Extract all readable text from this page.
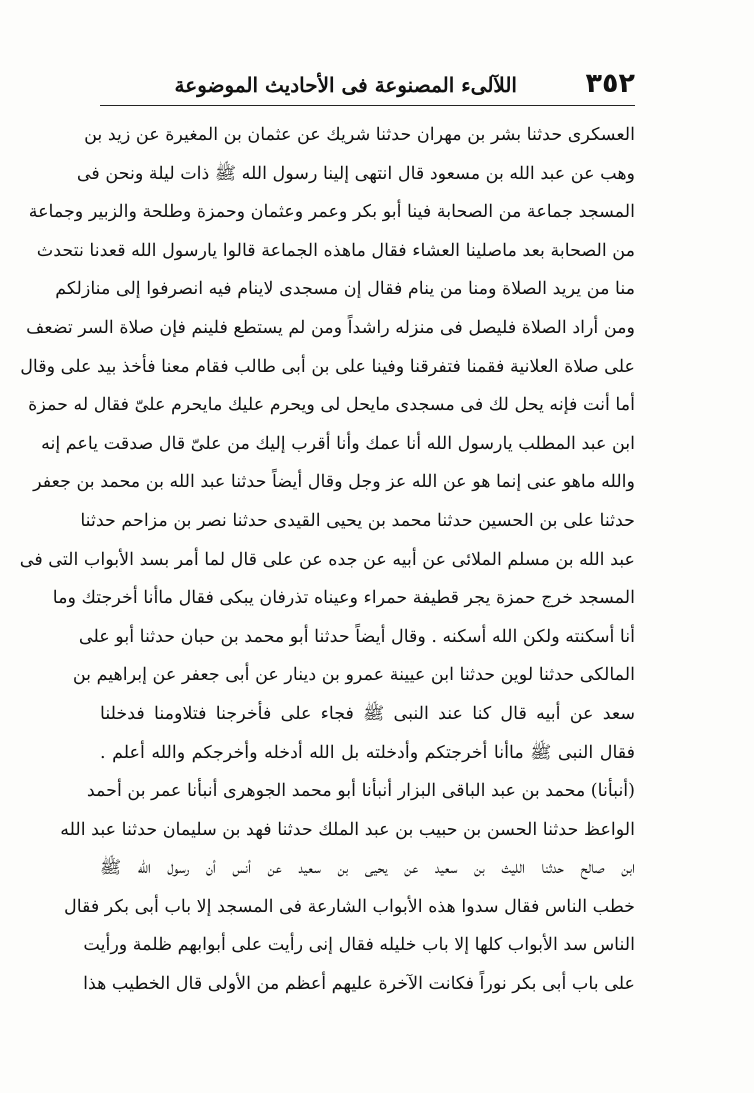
٣٥٢
اللآلىء المصنوعة فى الأحاديث الموضوعة
العسكرى حدثنا بشر بن مهران حدثنا شريك عن عثمان بن المغيرة عن زيد بن
وهب عن عبد الله بن مسعود قال انتهى إلينا رسول الله ﷺ ذات ليلة ونحن فى
المسجد جماعة من الصحابة فينا أبو بكر وعمر وعثمان وحمزة وطلحة والزبير وجماعة
من الصحابة بعد ماصلينا العشاء فقال ماهذه الجماعة قالوا يارسول الله قعدنا نتحدث
منا من يريد الصلاة ومنا من ينام فقال إن مسجدى لاينام فيه انصرفوا إلى منازلكم
ومن أراد الصلاة فليصل فى منزله راشداً ومن لم يستطع فلينم فإن صلاة السر تضعف
على صلاة العلانية فقمنا فتفرقنا وفينا على بن أبى طالب فقام معنا فأخذ بيد على وقال
أما أنت فإنه يحل لك فى مسجدى مايحل لى ويحرم عليك مايحرم علىّ فقال له حمزة
ابن عبد المطلب يارسول الله أنا عمك وأنا أقرب إليك من علىّ قال صدقت ياعم إنه
والله ماهو عنى إنما هو عن الله عز وجل وقال أيضاً حدثنا عبد الله بن محمد بن جعفر
حدثنا على بن الحسين حدثنا محمد بن يحيى القيدى حدثنا نصر بن مزاحم حدثنا
عبد الله بن مسلم الملائى عن أبيه عن جده عن على قال لما أمر بسد الأبواب التى فى
المسجد خرج حمزة يجر قطيفة حمراء وعيناه تذرفان يبكى فقال ماأنا أخرجتك وما
أنا أسكنته ولكن الله أسكنه . وقال أيضاً حدثنا أبو محمد بن حبان حدثنا أبو على
المالكى حدثنا لوين حدثنا ابن عيينة عمرو بن دينار عن أبى جعفر عن إبراهيم بن
سعد عن أبيه قال كنا عند النبى ﷺ فجاء على فأخرجنا فتلاومنا فدخلنا
فقال النبى ﷺ ماأنا أخرجتكم وأدخلته بل الله أدخله وأخرجكم والله أعلم .
(أنبأنا) محمد بن عبد الباقى البزار أنبأنا أبو محمد الجوهرى أنبأنا عمر بن أحمد
الواعظ حدثنا الحسن بن حبيب بن عبد الملك حدثنا فهد بن سليمان حدثنا عبد الله
ابن صالح حدثنا الليث بن سعيد عن يحيى بن سعيد عن أنس أن رسول الله ﷺ
خطب الناس فقال سدوا هذه الأبواب الشارعة فى المسجد إلا باب أبى بكر فقال
الناس سد الأبواب كلها إلا باب خليله فقال إنى رأيت على أبوابهم ظلمة ورأيت
على باب أبى بكر نوراً فكانت الآخرة عليهم أعظم من الأولى قال الخطيب هذا
